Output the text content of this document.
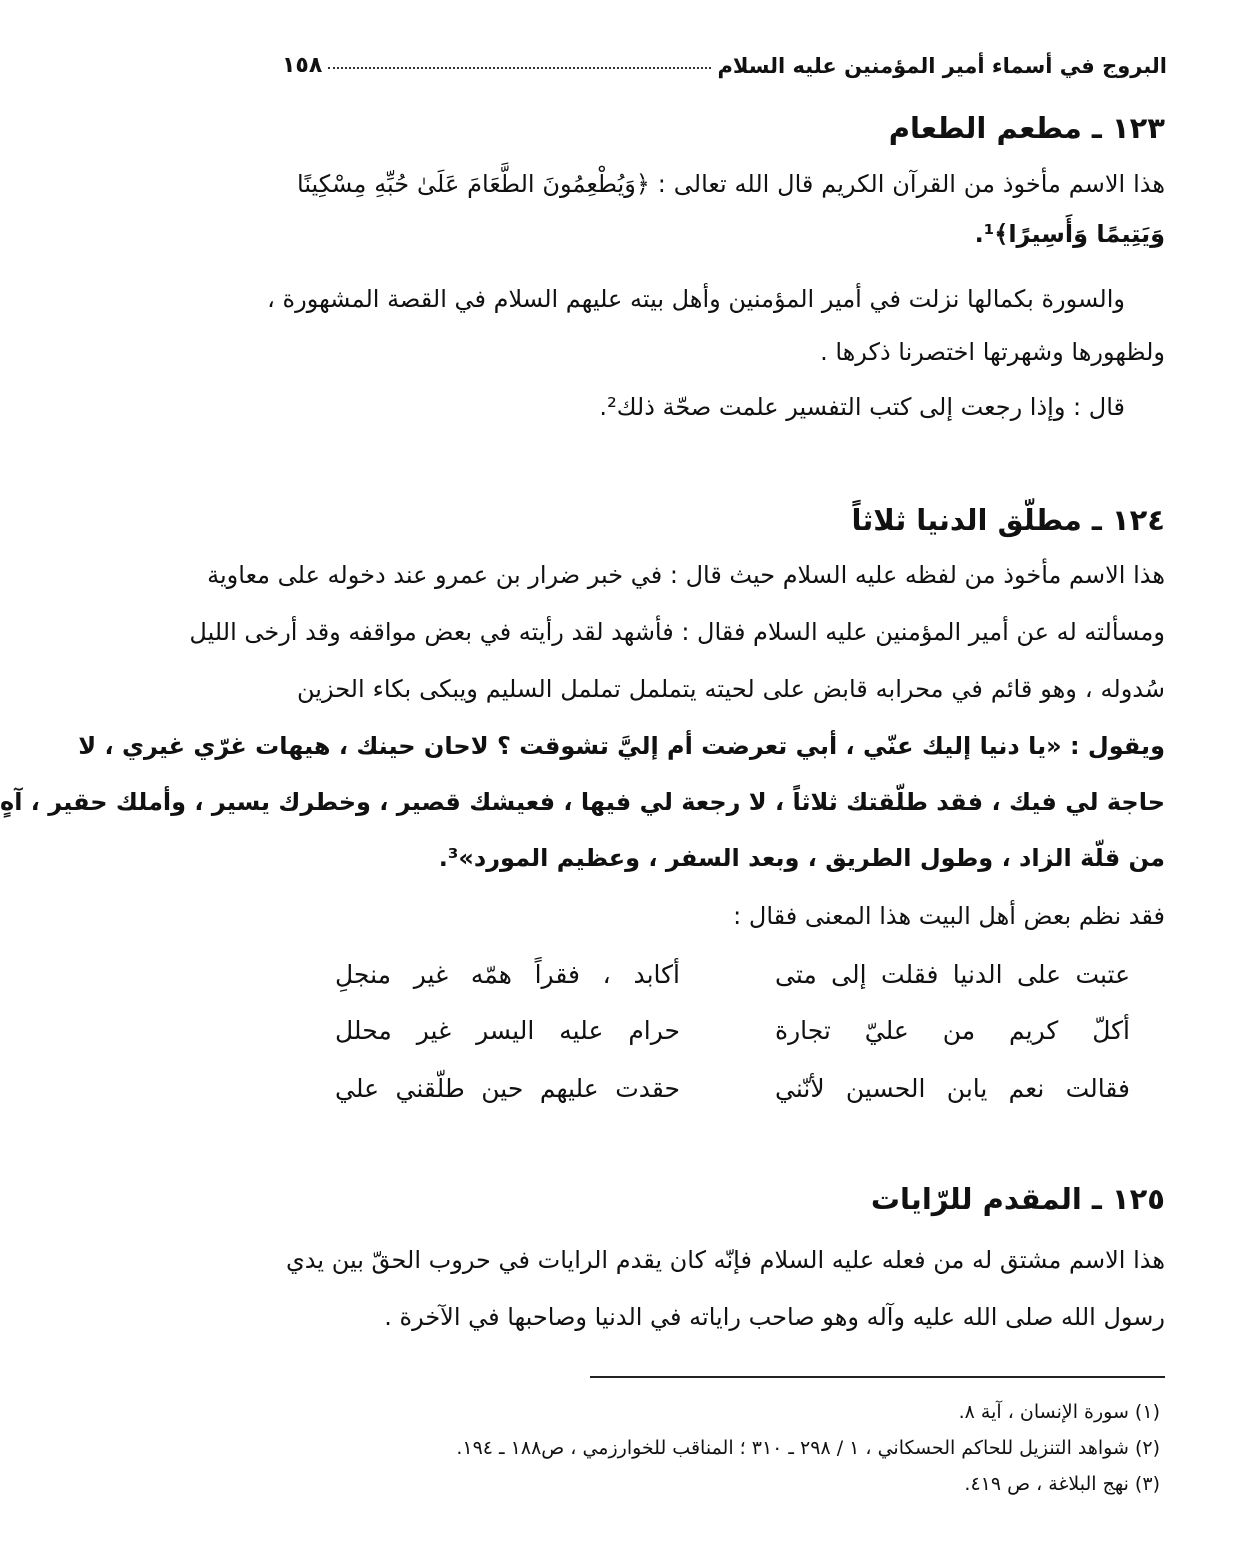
البروج في أسماء أمير المؤمنين عليه السلام
١٥٨
١٢٣ ـ مطعم الطعام
هذا الاسم مأخوذ من القرآن الكريم قال الله تعالى : ﴿وَيُطْعِمُونَ الطَّعَامَ عَلَىٰ حُبِّهِ مِسْكِينًا
وَيَتِيمًا وَأَسِيرًا﴾¹.
والسورة بكمالها نزلت في أمير المؤمنين وأهل بيته عليهم السلام في القصة المشهورة ،
ولظهورها وشهرتها اختصرنا ذكرها .
قال : وإذا رجعت إلى كتب التفسير علمت صحّة ذلك².
١٢٤ ـ مطلّق الدنيا ثلاثاً
هذا الاسم مأخوذ من لفظه عليه السلام حيث قال : في خبر ضرار بن عمرو عند دخوله على معاوية
ومسألته له عن أمير المؤمنين عليه السلام فقال : فأشهد لقد رأيته في بعض مواقفه وقد أرخى الليل
سُدوله ، وهو قائم في محرابه قابض على لحيته يتململ تململ السليم ويبكى بكاء الحزين
ويقول : «يا دنيا إليك عنّي ، أبي تعرضت أم إليَّ تشوقت ؟ لاحان حينك ، هيهات غرّي غيري ، لا
حاجة لي فيك ، فقد طلّقتك ثلاثاً ، لا رجعة لي فيها ، فعيشك قصير ، وخطرك يسير ، وأملك حقير ، آهٍ
من قلّة الزاد ، وطول الطريق ، وبعد السفر ، وعظيم المورد»³.
فقد نظم بعض أهل البيت هذا المعنى فقال :
عتبت على الدنيا فقلت إلى متى
أكابد ، فقراً همّه غير منجلِ
أكلّ كريم من عليّ تجارة
حرام عليه اليسر غير محلل
فقالت نعم يابن الحسين لأنّني
حقدت عليهم حين طلّقني علي
١٢٥ ـ المقدم للرّايات
هذا الاسم مشتق له من فعله عليه السلام فإنّه كان يقدم الرايات في حروب الحقّ بين يدي
رسول الله صلى الله عليه وآله وهو صاحب راياته في الدنيا وصاحبها في الآخرة .
(١) سورة الإنسان ، آية ٨.
(٢) شواهد التنزيل للحاكم الحسكاني ، ١ / ٢٩٨ ـ ٣١٠ ؛ المناقب للخوارزمي ، ص١٨٨ ـ ١٩٤.
(٣) نهج البلاغة ، ص ٤١٩.
